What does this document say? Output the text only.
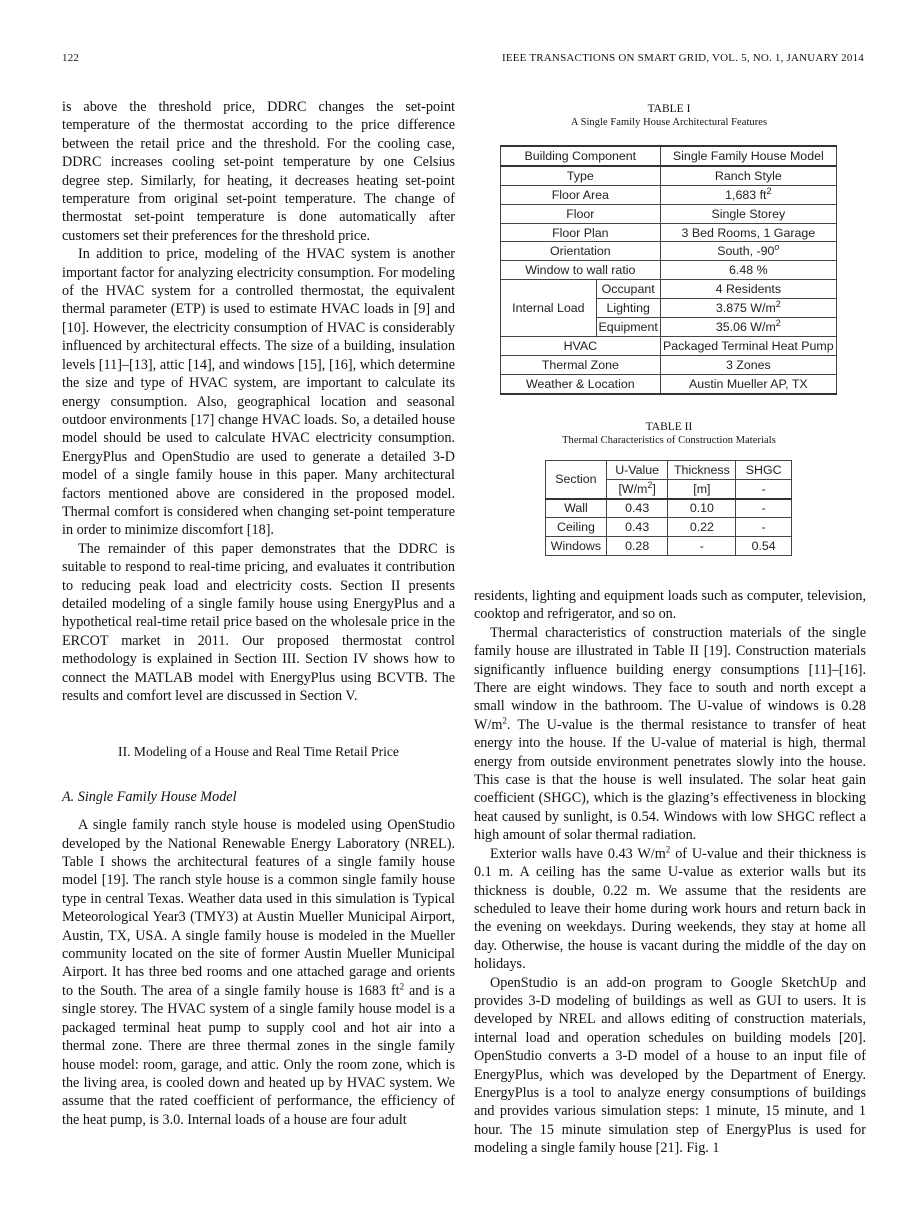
122	IEEE TRANSACTIONS ON SMART GRID, VOL. 5, NO. 1, JANUARY 2014

is above the threshold price, DDRC changes the set-point temperature of the thermostat according to the price difference between the retail price and the threshold. For the cooling case, DDRC increases cooling set-point temperature by one Celsius degree step. Similarly, for heating, it decreases heating set-point temperature from original set-point temperature. The change of thermostat set-point temperature is done automatically after customers set their preferences for the threshold price.

In addition to price, modeling of the HVAC system is another important factor for analyzing electricity consumption. For modeling of the HVAC system for a controlled thermostat, the equivalent thermal parameter (ETP) is used to estimate HVAC loads in [9] and [10]. However, the electricity consumption of HVAC is considerably influenced by architectural effects. The size of a building, insulation levels [11]–[13], attic [14], and windows [15], [16], which determine the size and type of HVAC system, are important to calculate its energy consumption. Also, geographical location and seasonal outdoor environments [17] change HVAC loads. So, a detailed house model should be used to calculate HVAC electricity consumption. EnergyPlus and OpenStudio are used to generate a detailed 3-D model of a single family house in this paper. Many architectural factors mentioned above are considered in the proposed model. Thermal comfort is considered when changing set-point temperature in order to minimize discomfort [18].

The remainder of this paper demonstrates that the DDRC is suitable to respond to real-time pricing, and evaluates it contribution to reducing peak load and electricity costs. Section II presents detailed modeling of a single family house using EnergyPlus and a hypothetical real-time retail price based on the wholesale price in the ERCOT market in 2011. Our proposed thermostat control methodology is explained in Section III. Section IV shows how to connect the MATLAB model with EnergyPlus using BCVTB. The results and comfort level are discussed in Section V.

II. Modeling of a House and Real Time Retail Price

A. Single Family House Model

A single family ranch style house is modeled using OpenStudio developed by the National Renewable Energy Laboratory (NREL). Table I shows the architectural features of a single family house model [19]. The ranch style house is a common single family house type in central Texas. Weather data used in this simulation is Typical Meteorological Year3 (TMY3) at Austin Mueller Municipal Airport, Austin, TX, USA. A single family house is modeled in the Mueller community located on the site of former Austin Mueller Municipal Airport. It has three bed rooms and one attached garage and orients to the South. The area of a single family house is 1683 $ft^2$ and is a single storey. The HVAC system of a single family house model is a packaged terminal heat pump to supply cool and hot air into a thermal zone. There are three thermal zones in the single family house model: room, garage, and attic. Only the room zone, which is the living area, is cooled down and heated up by HVAC system. We assume that the rated coefficient of performance, the efficiency of the heat pump, is 3.0. Internal loads of a house are four adult

TABLE I
A Single Family House Architectural Features
Building Component		Single Family House Model
Type		Ranch Style
Floor Area		1,683 $ft^2$
Floor		Single Storey
Floor Plan		3 Bed Rooms, 1 Garage
Orientation		South, -90$^o$
Window to wall ratio		6.48 %
Internal Load	Occupant	4 Residents
	Lighting	3.875 $W/m^2$
	Equipment	35.06 $W/m^2$
HVAC		Packaged Terminal Heat Pump
Thermal Zone		3 Zones
Weather & Location		Austin Mueller AP, TX
TABLE II
Thermal Characteristics of Construction Materials
Section	U-Value	Thickness	SHGC
	$[W/m^2]$	[m]	-
Wall	0.43	0.10	-
Ceiling	0.43	0.22	-
Windows	0.28	-	0.54

residents, lighting and equipment loads such as computer, television, cooktop and refrigerator, and so on.

Thermal characteristics of construction materials of the single family house are illustrated in Table II [19]. Construction materials significantly influence building energy consumptions [11]–[16]. There are eight windows. They face to south and north except a small window in the bathroom. The U-value of windows is 0.28 $W/m^2$. The U-value is the thermal resistance to transfer of heat energy into the house. If the U-value of material is high, thermal energy from outside environment penetrates slowly into the house. This case is that the house is well insulated. The solar heat gain coefficient (SHGC), which is the glazing’s effectiveness in blocking heat caused by sunlight, is 0.54. Windows with low SHGC reflect a high amount of solar thermal radiation.

Exterior walls have 0.43 $W/m^2$ of U-value and their thickness is 0.1 m. A ceiling has the same U-value as exterior walls but its thickness is double, 0.22 m. We assume that the residents are scheduled to leave their home during work hours and return back in the evening on weekdays. During weekends, they stay at home all day. Otherwise, the house is vacant during the middle of the day on holidays.

OpenStudio is an add-on program to Google SketchUp and provides 3-D modeling of buildings as well as GUI to users. It is developed by NREL and allows editing of construction materials, internal load and operation schedules on building models [20]. OpenStudio converts a 3-D model of a house to an input file of EnergyPlus, which was developed by the Department of Energy. EnergyPlus is a tool to analyze energy consumptions of buildings and provides various simulation steps: 1 minute, 15 minute, and 1 hour. The 15 minute simulation step of EnergyPlus is used for modeling a single family house [21]. Fig. 1
